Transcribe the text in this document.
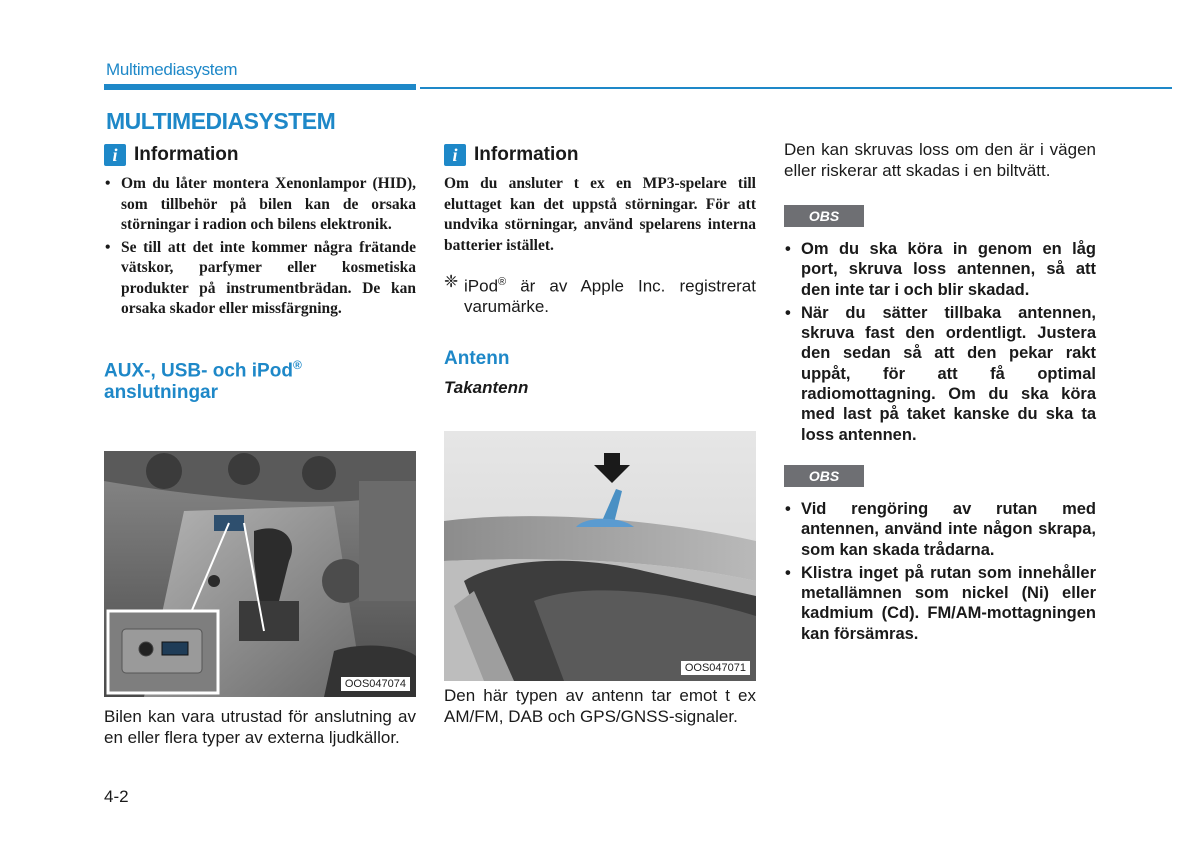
Multimediasystem
MULTIMEDIASYSTEM
i Information
• Om du låter montera Xenonlampor (HID), som tillbehör på bilen kan de orsaka störningar i radion och bilens elektronik.
• Se till att det inte kommer några frätande vätskor, parfymer eller kosmetiska produkter på instrumentbrädan. De kan orsaka skador eller missfärgning.
AUX-, USB- och iPod®
anslutningar
OOS047074
Bilen kan vara utrustad för anslutning av en eller flera typer av externa ljudkällor.
i Information
Om du ansluter t ex en MP3-spelare till eluttaget kan det uppstå störningar. För att undvika störningar, använd spelarens interna batterier istället.
❈ iPod® är av Apple Inc. registrerat varumärke.
Antenn
Takantenn
OOS047071
Den här typen av antenn tar emot t ex AM/FM, DAB och GPS/GNSS-signaler.
Den kan skruvas loss om den är i vägen eller riskerar att skadas i en biltvätt.
OBS
• Om du ska köra in genom en låg port, skruva loss antennen, så att den inte tar i och blir skadad.
• När du sätter tillbaka antennen, skruva fast den ordentligt. Justera den sedan så att den pekar rakt uppåt, för att få optimal radiomottagning. Om du ska köra med last på taket kanske du ska ta loss antennen.
OBS
• Vid rengöring av rutan med antennen, använd inte någon skrapa, som kan skada trådarna.
• Klistra inget på rutan som innehåller metallämnen som nickel (Ni) eller kadmium (Cd). FM/AM-mottagningen kan försämras.
4-2
